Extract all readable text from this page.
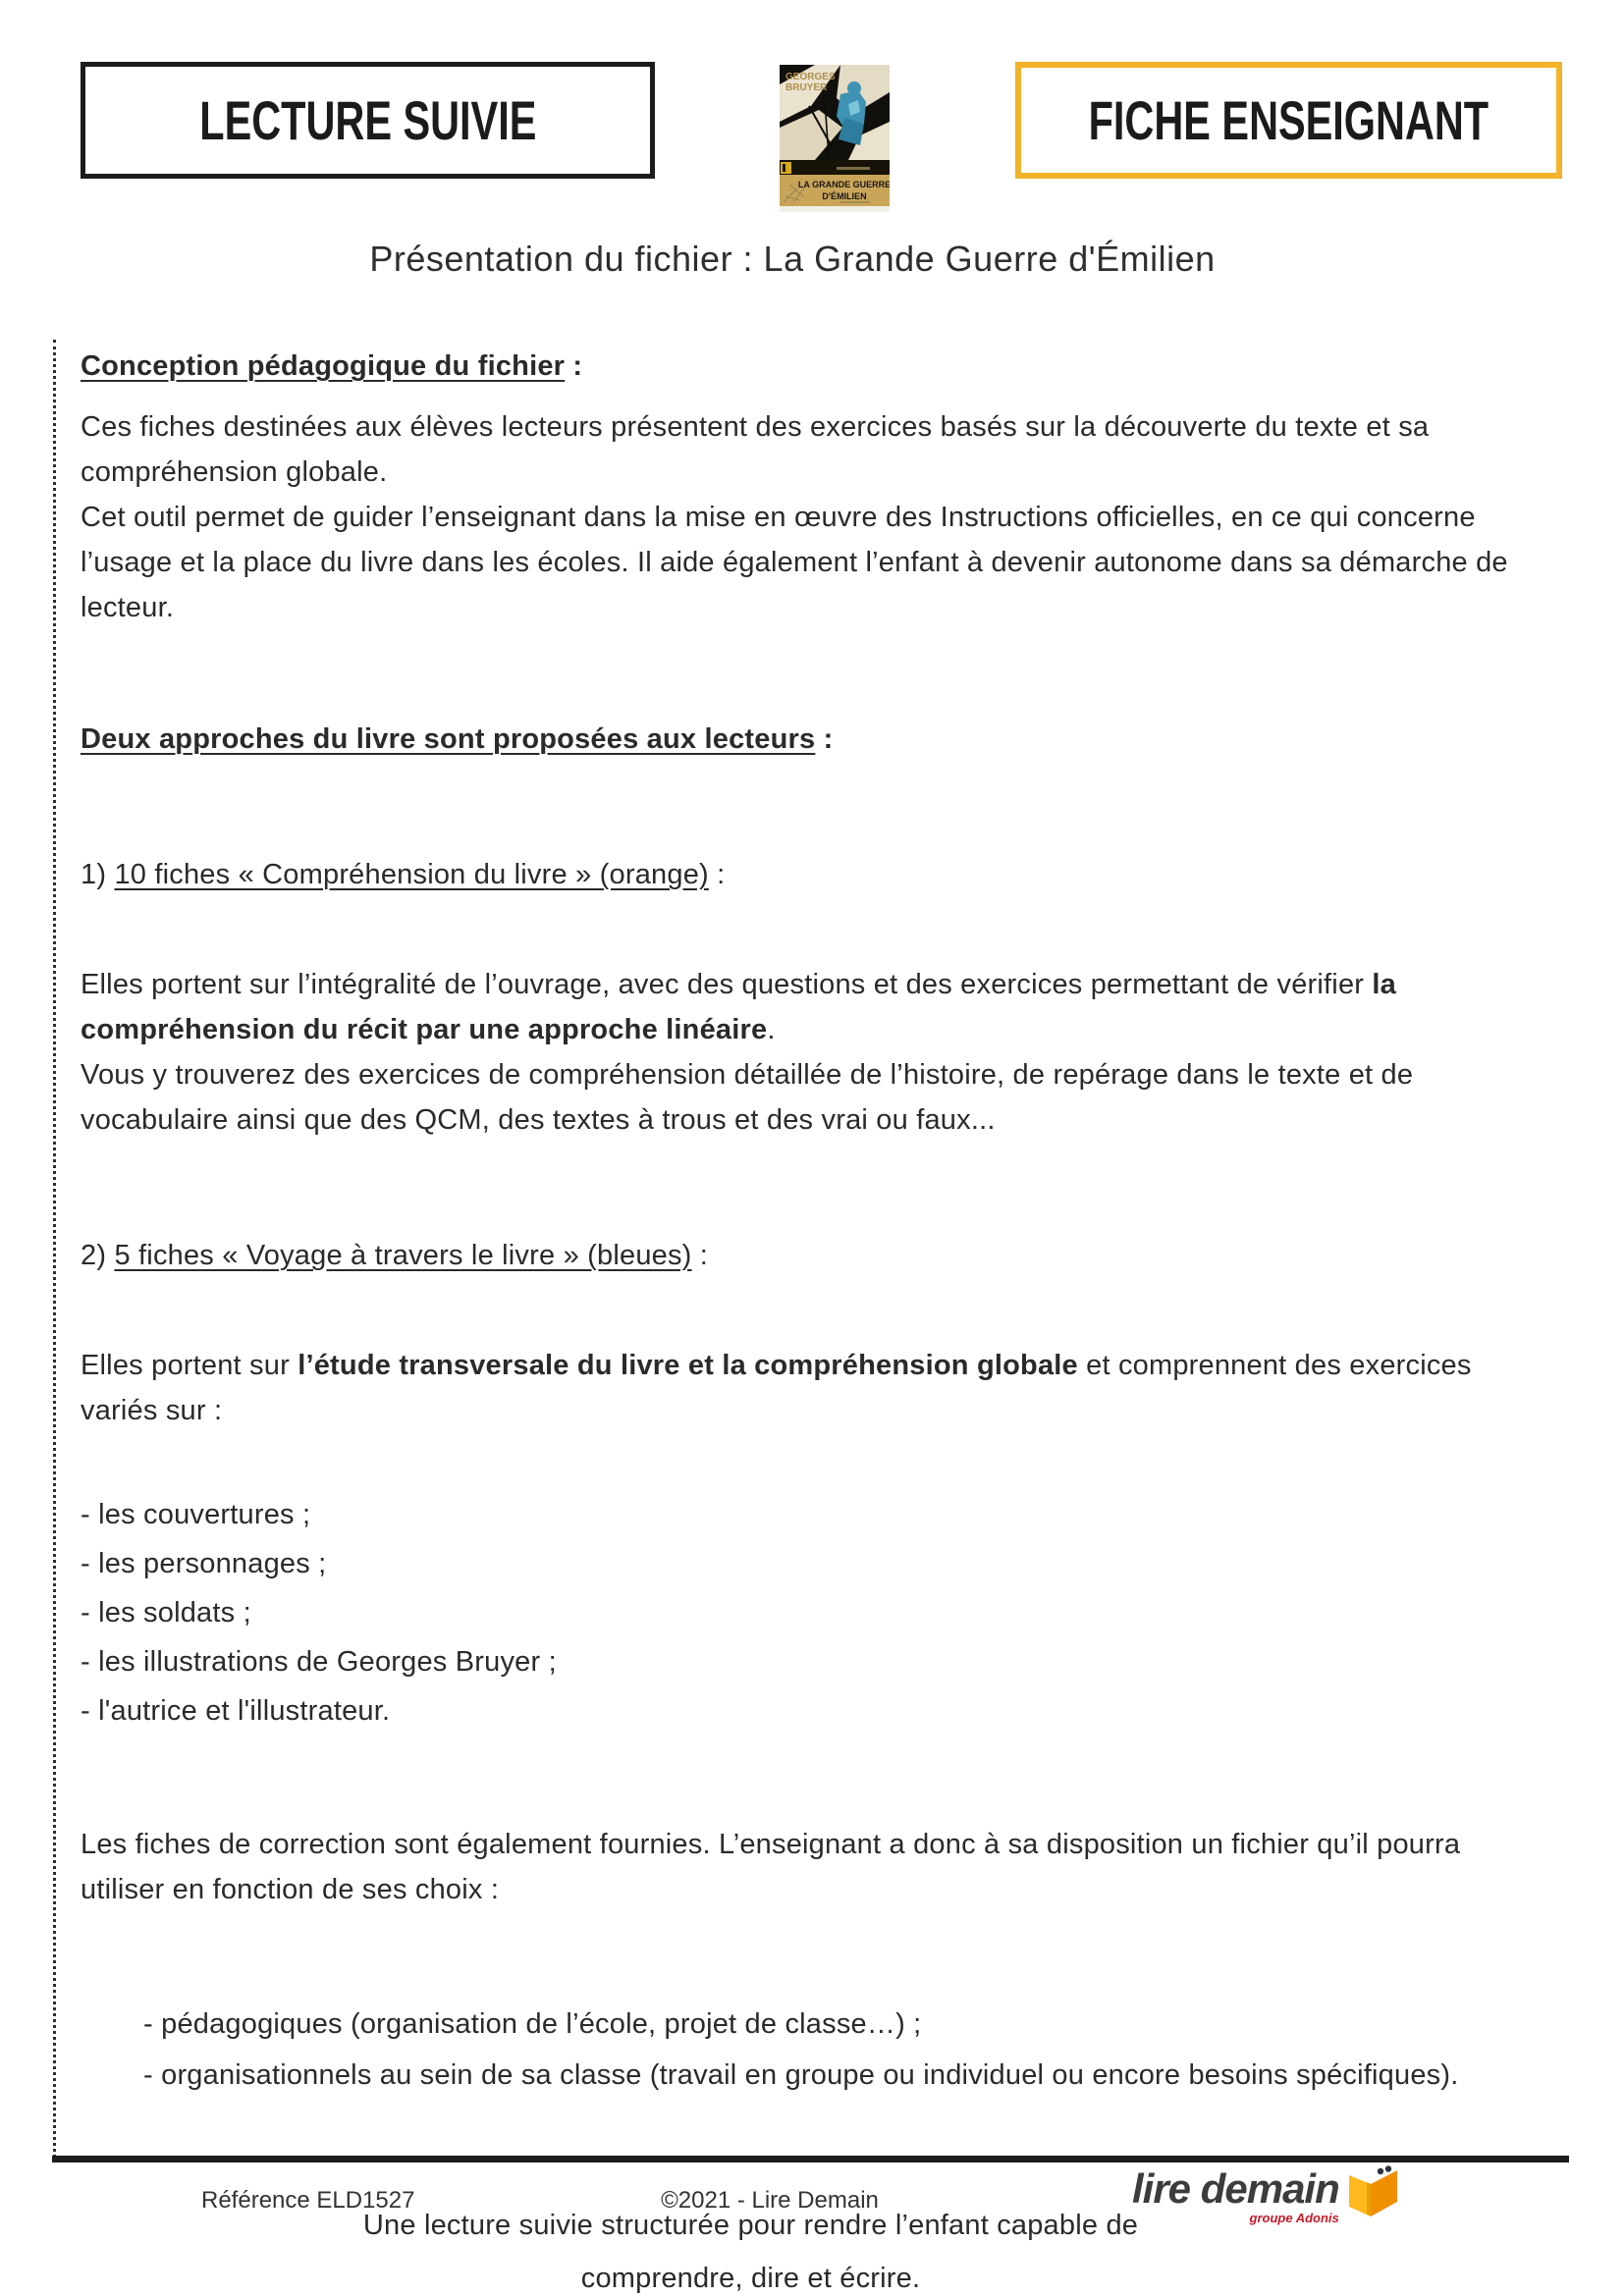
LECTURE SUIVIE
GEORGES
BRUYER
LA GRANDE GUERRE
D'ÉMILIEN
FICHE ENSEIGNANT
Présentation du fichier : La Grande Guerre d'Émilien

Conception pédagogique du fichier :

Ces fiches destinées aux élèves lecteurs présentent des exercices basés sur la découverte du texte et sa compréhension globale.

Cet outil permet de guider l’enseignant dans la mise en œuvre des Instructions officielles, en ce qui concerne l’usage et la place du livre dans les écoles. Il aide également l’enfant à devenir autonome dans sa démarche de lecteur.

Deux approches du livre sont proposées aux lecteurs :

1) 10 fiches « Compréhension du livre » (orange) :

Elles portent sur l’intégralité de l’ouvrage, avec des questions et des exercices permettant de vérifier la compréhension du récit par une approche linéaire.

Vous y trouverez des exercices de compréhension détaillée de l’histoire, de repérage dans le texte et de vocabulaire ainsi que des QCM, des textes à trous et des vrai ou faux...

2) 5 fiches « Voyage à travers le livre » (bleues) :

Elles portent sur l’étude transversale du livre et la compréhension globale et comprennent des exercices variés sur :

- les couvertures ;

- les personnages ;

- les soldats ;

- les illustrations de Georges Bruyer ;

- l'autrice et l'illustrateur.

Les fiches de correction sont également fournies. L’enseignant a donc à sa disposition un fichier qu’il pourra utiliser en fonction de ses choix :

- pédagogiques (organisation de l’école, projet de classe…) ;

- organisationnels au sein de sa classe (travail en groupe ou individuel ou encore besoins spécifiques).

Une lecture suivie structurée pour rendre l’enfant capable de

comprendre, dire et écrire.

Référence ELD1527	©2021 - Lire Demain	lire demain
groupe Adonis
